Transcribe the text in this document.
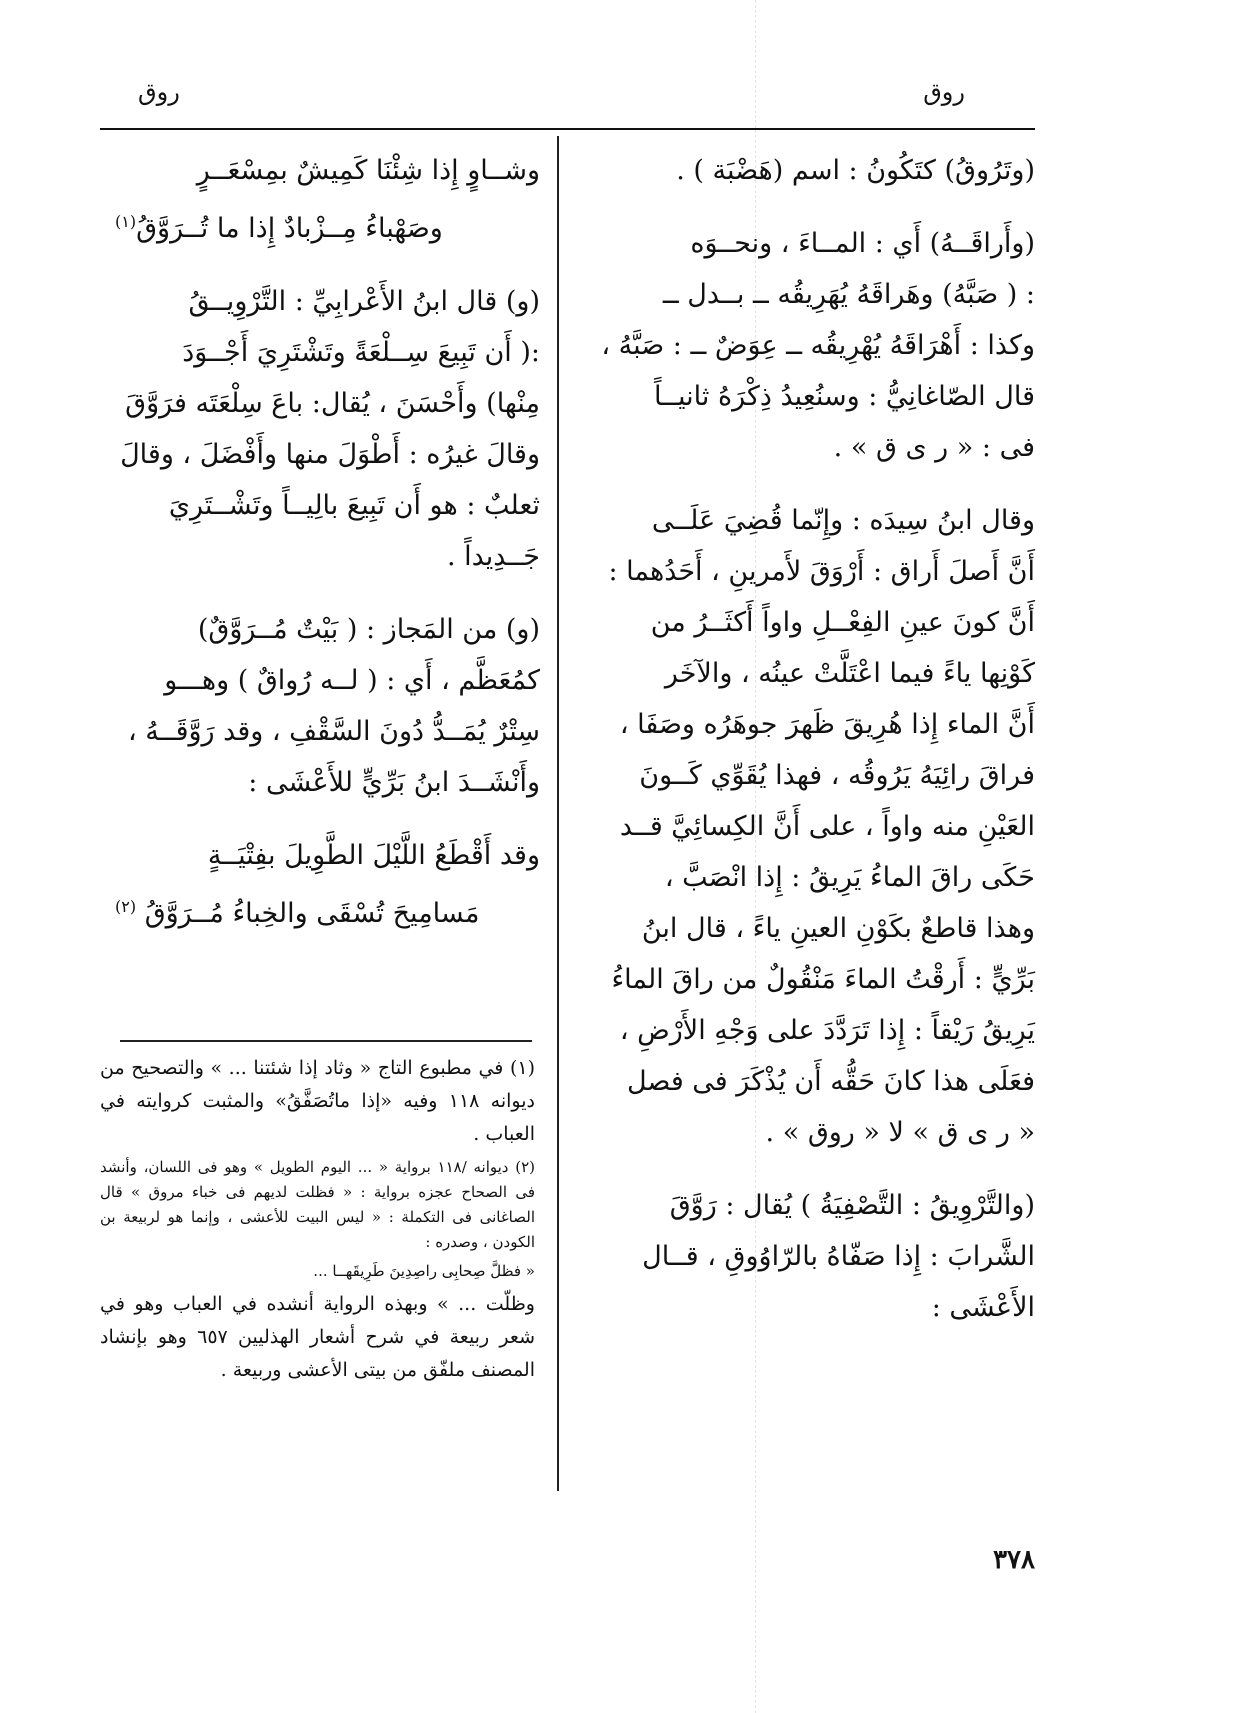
روق
روق

(وتَرُوقُ) كتَكُونُ : اسم (هَضْبَة ) .

(وأَراقَــهُ) أَي : المــاءَ ، ونحــوَه

: ( صَبَّهُ) وهَراقَهُ يُهَرِيقُه ــ بــدل ــ

وكذا : أَهْرَاقَهُ يُهْرِيقُه ــ عِوَضٌ ــ : صَبَّهُ ،

قال الصّاغانِيُّ : وسنُعِيدُ ذِكْرَهُ ثانيــاً

فى : « ر ى ق » .

وقال ابنُ سِيدَه : وإِنّما قُضِيَ عَلَــى

أَنَّ أَصلَ أَراق : أَرْوَقَ لأَمرينِ ، أَحَدُهما :

أَنَّ كونَ عينِ الفِعْــلِ واواً أَكثَــرُ من

كَوْنِها ياءً فيما اعْتَلَّتْ عينُه ، والآخَر

أَنَّ الماء إِذا هُرِيقَ ظَهرَ جوهَرُه وصَفَا ،

فراقَ رائِيَهُ يَرُوقُه ، فهذا يُقَوِّي كَــونَ

العَيْنِ منه واواً ، على أَنَّ الكِسائِيَّ قــد

حَكَى راقَ الماءُ يَرِيقُ : إِذا انْصَبَّ ،

وهذا قاطعٌ بكَوْنِ العينِ ياءً ، قال ابنُ

بَرِّيٍّ : أَرقْتُ الماءَ مَنْقُولٌ من راقَ الماءُ

يَرِيقُ رَيْقاً : إِذا تَرَدَّدَ على وَجْهِ الأَرْضِ ،

فعَلَى هذا كانَ حَقُّه أَن يُذْكَرَ فى فصل

« ر ى ق » لا « روق » .

(والتَّرْوِيقُ : التَّصْفِيَةُ ) يُقال : رَوَّقَ

الشَّرابَ : إِذا صَفّاهُ بالرّاوُوقِ ، قــال

الأَعْشَى :

وشــاوٍ إِذا شِئْنَا كَمِيشٌ بمِسْعَــرٍ
وصَهْباءُ مِــزْبادٌ إِذا ما تُــرَوَّقُ$^{(١)}$

(و) قال ابنُ الأَعْرابِيِّ : التَّرْوِيــقُ

:( أَن تَبِيعَ سِــلْعَةً وتَشْتَرِيَ أَجْــوَدَ

مِنْها) وأَحْسَنَ ، يُقال: باعَ سِلْعَتَه فرَوَّقَ

وقالَ غيرُه : أَطْوَلَ منها وأَفْضَلَ ، وقالَ

ثعلبٌ : هو أَن تَبِيعَ بالِيــاً وتَشْــتَرِيَ

جَــدِيداً .

(و) من المَجاز : ( بَيْتٌ مُــرَوَّقٌ)

كمُعَظَّم ، أَي : ( لــه رُواقٌ ) وهـــو

سِتْرٌ يُمَــدُّ دُونَ السَّقْفِ ، وقد رَوَّقَــهُ ،

وأَنْشَــدَ ابنُ بَرِّيٍّ للأَعْشَى :

وقد أَقْطَعُ اللَّيْلَ الطَّوِيلَ بفِتْيَــةٍ
مَسامِيحَ تُسْقَى والخِباءُ مُــرَوَّقُ $^{(٢)}$

(١) في مطبوع التاج « وثاد إذا شئتنا ... » والتصحيح من ديوانه ١١٨ وفيه «إذا ماتُصَفَّقُ» والمثبت كروايته في العباب .

(٢) ديوانه /١١٨ برواية « ... اليوم الطويل » وهو فى اللسان، وأنشد فى الصحاح عجزه برواية : « فظلت لديهم فى خباء مروق » قال الصاغانى فى التكملة : « ليس البيت للأعشى ، وإنما هو لربيعة بن الكودن ، وصدره :

« فظلَّ صِحابِى راصِدِينَ طَرِيقَهــا ...

وظلّت ... » وبهذه الرواية أنشده في العباب وهو في شعر ربيعة في شرح أشعار الهذليين ٦٥٧ وهو بإنشاد المصنف ملفّق من بيتى الأعشى وربيعة .

٣٧٨
